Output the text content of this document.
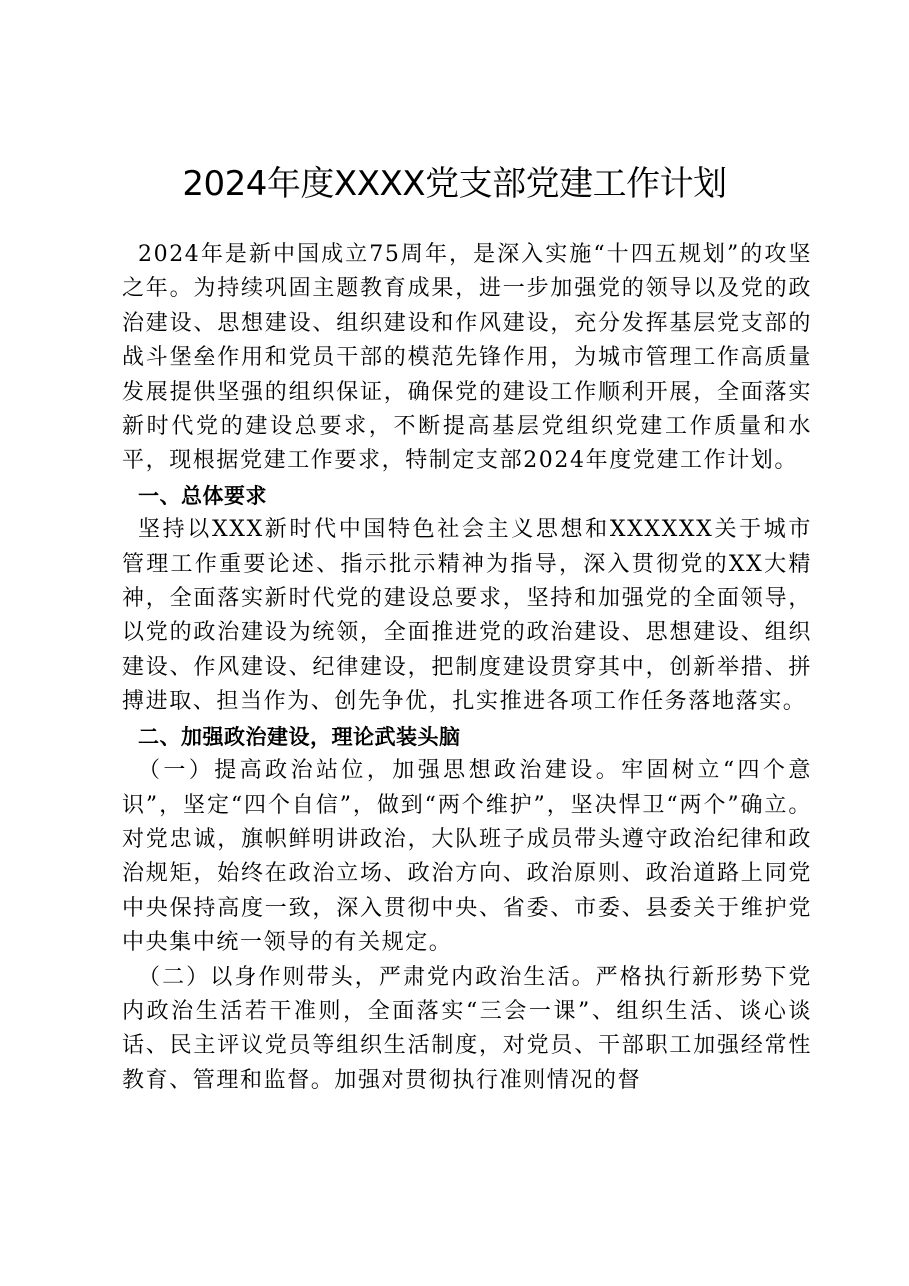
2024年度XXXX党支部党建工作计划

2024年是新中国成立75周年，是深入实施“十四五规划”的攻坚之年。为持续巩固主题教育成果，进一步加强党的领导以及党的政治建设、思想建设、组织建设和作风建设，充分发挥基层党支部的战斗堡垒作用和党员干部的模范先锋作用，为城市管理工作高质量发展提供坚强的组织保证，确保党的建设工作顺利开展，全面落实新时代党的建设总要求，不断提高基层党组织党建工作质量和水平，现根据党建工作要求，特制定支部2024年度党建工作计划。

一、总体要求

坚持以XXX新时代中国特色社会主义思想和XXXXXX关于城市管理工作重要论述、指示批示精神为指导，深入贯彻党的XX大精神，全面落实新时代党的建设总要求，坚持和加强党的全面领导，以党的政治建设为统领，全面推进党的政治建设、思想建设、组织建设、作风建设、纪律建设，把制度建设贯穿其中，创新举措、拼搏进取、担当作为、创先争优，扎实推进各项工作任务落地落实。

二、加强政治建设，理论武装头脑

（一）提高政治站位，加强思想政治建设。牢固树立“四个意识”，坚定“四个自信”，做到“两个维护”，坚决悍卫“两个”确立。对党忠诚，旗帜鲜明讲政治，大队班子成员带头遵守政治纪律和政治规矩，始终在政治立场、政治方向、政治原则、政治道路上同党中央保持高度一致，深入贯彻中央、省委、市委、县委关于维护党中央集中统一领导的有关规定。

（二）以身作则带头，严肃党内政治生活。严格执行新形势下党内政治生活若干准则，全面落实“三会一课”、组织生活、谈心谈话、民主评议党员等组织生活制度，对党员、干部职工加强经常性教育、管理和监督。加强对贯彻执行准则情况的督
